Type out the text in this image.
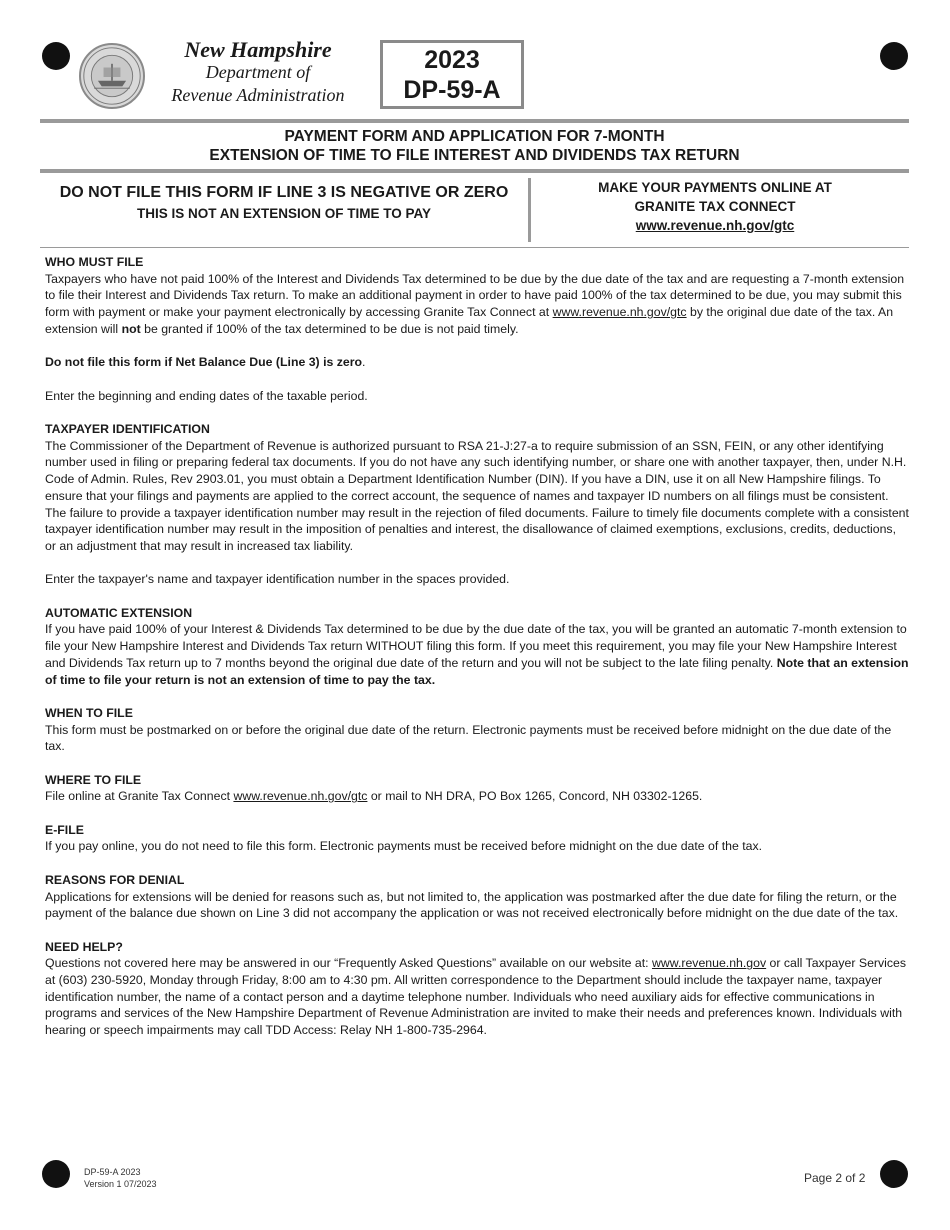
New Hampshire
Department of
Revenue Administration
2023
DP-59-A
PAYMENT FORM AND APPLICATION FOR 7-MONTH
EXTENSION OF TIME TO FILE INTEREST AND DIVIDENDS TAX RETURN
DO NOT FILE THIS FORM IF LINE 3 IS NEGATIVE OR ZERO
THIS IS NOT AN EXTENSION OF TIME TO PAY
MAKE YOUR PAYMENTS ONLINE AT
GRANITE TAX CONNECT
www.revenue.nh.gov/gtc

WHO MUST FILE

Taxpayers who have not paid 100% of the Interest and Dividends Tax determined to be due by the due date of the tax and are requesting a 7-month extension to file their Interest and Dividends Tax return. To make an additional payment in order to have paid 100% of the tax determined to be due, you may submit this form with payment or make your payment electronically by accessing Granite Tax Connect at www.revenue.nh.gov/gtc by the original due date of the tax. An extension will not be granted if 100% of the tax determined to be due is not paid timely.

Do not file this form if Net Balance Due (Line 3) is zero.

Enter the beginning and ending dates of the taxable period.

TAXPAYER IDENTIFICATION

The Commissioner of the Department of Revenue is authorized pursuant to RSA 21-J:27-a to require submission of an SSN, FEIN, or any other identifying number used in filing or preparing federal tax documents. If you do not have any such identifying number, or share one with another taxpayer, then, under N.H. Code of Admin. Rules, Rev 2903.01, you must obtain a Department Identification Number (DIN). If you have a DIN, use it on all New Hampshire filings. To ensure that your filings and payments are applied to the correct account, the sequence of names and taxpayer ID numbers on all filings must be consistent. The failure to provide a taxpayer identification number may result in the rejection of filed documents. Failure to timely file documents complete with a consistent taxpayer identification number may result in the imposition of penalties and interest, the disallowance of claimed exemptions, exclusions, credits, deductions, or an adjustment that may result in increased tax liability.

Enter the taxpayer's name and taxpayer identification number in the spaces provided.

AUTOMATIC EXTENSION

If you have paid 100% of your Interest & Dividends Tax determined to be due by the due date of the tax, you will be granted an automatic 7-month extension to file your New Hampshire Interest and Dividends Tax return WITHOUT filing this form. If you meet this requirement, you may file your New Hampshire Interest and Dividends Tax return up to 7 months beyond the original due date of the return and you will not be subject to the late filing penalty. Note that an extension of time to file your return is not an extension of time to pay the tax.

WHEN TO FILE

This form must be postmarked on or before the original due date of the return. Electronic payments must be received before midnight on the due date of the tax.

WHERE TO FILE

File online at Granite Tax Connect www.revenue.nh.gov/gtc or mail to NH DRA, PO Box 1265, Concord, NH 03302-1265.

E-FILE

If you pay online, you do not need to file this form. Electronic payments must be received before midnight on the due date of the tax.

REASONS FOR DENIAL

Applications for extensions will be denied for reasons such as, but not limited to, the application was postmarked after the due date for filing the return, or the payment of the balance due shown on Line 3 did not accompany the application or was not received electronically before midnight on the due date of the tax.

NEED HELP?

Questions not covered here may be answered in our “Frequently Asked Questions” available on our website at: www.revenue.nh.gov or call Taxpayer Services at (603) 230-5920, Monday through Friday, 8:00 am to 4:30 pm. All written correspondence to the Department should include the taxpayer name, taxpayer identification number, the name of a contact person and a daytime telephone number. Individuals who need auxiliary aids for effective communications in programs and services of the New Hampshire Department of Revenue Administration are invited to make their needs and preferences known. Individuals with hearing or speech impairments may call TDD Access: Relay NH 1-800-735-2964.

DP-59-A 2023
Version 1 07/2023	Page 2 of 2
